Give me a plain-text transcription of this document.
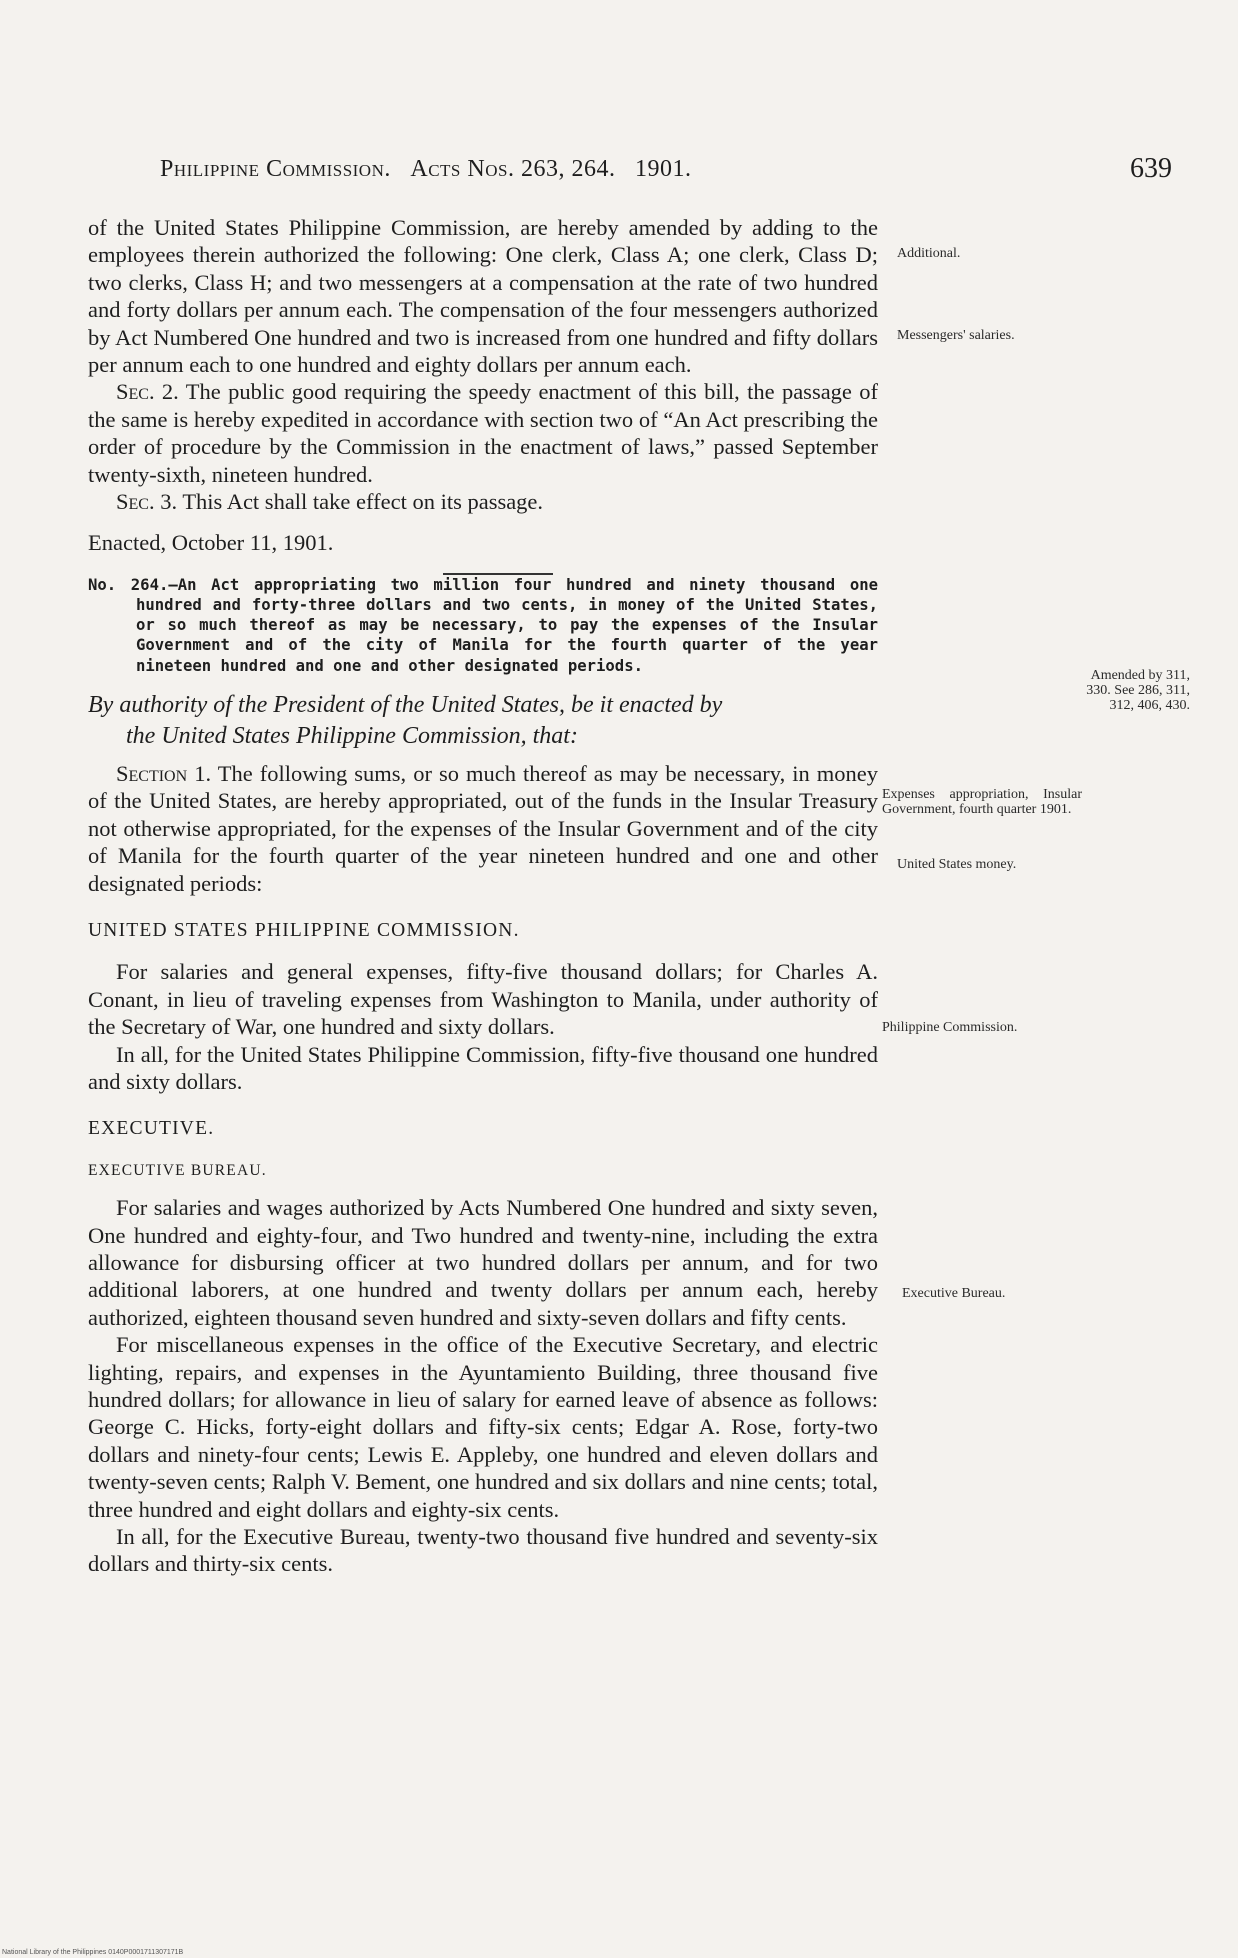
Philippine Commission. Acts Nos. 263, 264. 1901.	639

of the United States Philippine Commission, are hereby amended by adding to the employees therein authorized the following: One clerk, Class A; one clerk, Class D; two clerks, Class H; and two messengers at a compensation at the rate of two hundred and forty dollars per annum each. The compensation of the four messengers authorized by Act Numbered One hundred and two is increased from one hundred and fifty dollars per annum each to one hundred and eighty dollars per annum each.

Sec. 2. The public good requiring the speedy enactment of this bill, the passage of the same is hereby expedited in accordance with section two of “An Act prescribing the order of procedure by the Commission in the enactment of laws,” passed September twenty-sixth, nineteen hundred.

Sec. 3. This Act shall take effect on its passage.

Enacted, October 11, 1901.

No. 264.—An Act appropriating two million four hundred and ninety thousand one hundred and forty-three dollars and two cents, in money of the United States, or so much thereof as may be necessary, to pay the expenses of the Insular Government and of the city of Manila for the fourth quarter of the year nineteen hundred and one and other designated periods.

By authority of the President of the United States, be it enacted by
the United States Philippine Commission, that:

Section 1. The following sums, or so much thereof as may be necessary, in money of the United States, are hereby appropriated, out of the funds in the Insular Treasury not otherwise appropriated, for the expenses of the Insular Government and of the city of Manila for the fourth quarter of the year nineteen hundred and one and other designated periods:

UNITED STATES PHILIPPINE COMMISSION.

For salaries and general expenses, fifty-five thousand dollars; for Charles A. Conant, in lieu of traveling expenses from Washington to Manila, under authority of the Secretary of War, one hundred and sixty dollars.

In all, for the United States Philippine Commission, fifty-five thousand one hundred and sixty dollars.

EXECUTIVE.

EXECUTIVE BUREAU.

For salaries and wages authorized by Acts Numbered One hundred and sixty seven, One hundred and eighty-four, and Two hundred and twenty-nine, including the extra allowance for disbursing officer at two hundred dollars per annum, and for two additional laborers, at one hundred and twenty dollars per annum each, hereby authorized, eighteen thousand seven hundred and sixty-seven dollars and fifty cents.

For miscellaneous expenses in the office of the Executive Secretary, and electric lighting, repairs, and expenses in the Ayuntamiento Building, three thousand five hundred dollars; for allowance in lieu of salary for earned leave of absence as follows: George C. Hicks, forty-eight dollars and fifty-six cents; Edgar A. Rose, forty-two dollars and ninety-four cents; Lewis E. Appleby, one hundred and eleven dollars and twenty-seven cents; Ralph V. Bement, one hundred and six dollars and nine cents; total, three hundred and eight dollars and eighty-six cents.

In all, for the Executive Bureau, twenty-two thousand five hundred and seventy-six dollars and thirty-six cents.

Additional.
Messengers' salaries.
Amended by 311, 330. See 286, 311, 312, 406, 430.
Expenses appropriation, Insular Government, fourth quarter 1901.
United States money.
Philippine Commission.
Executive Bureau.
National Library of the Philippines 0140P0001711307171B
